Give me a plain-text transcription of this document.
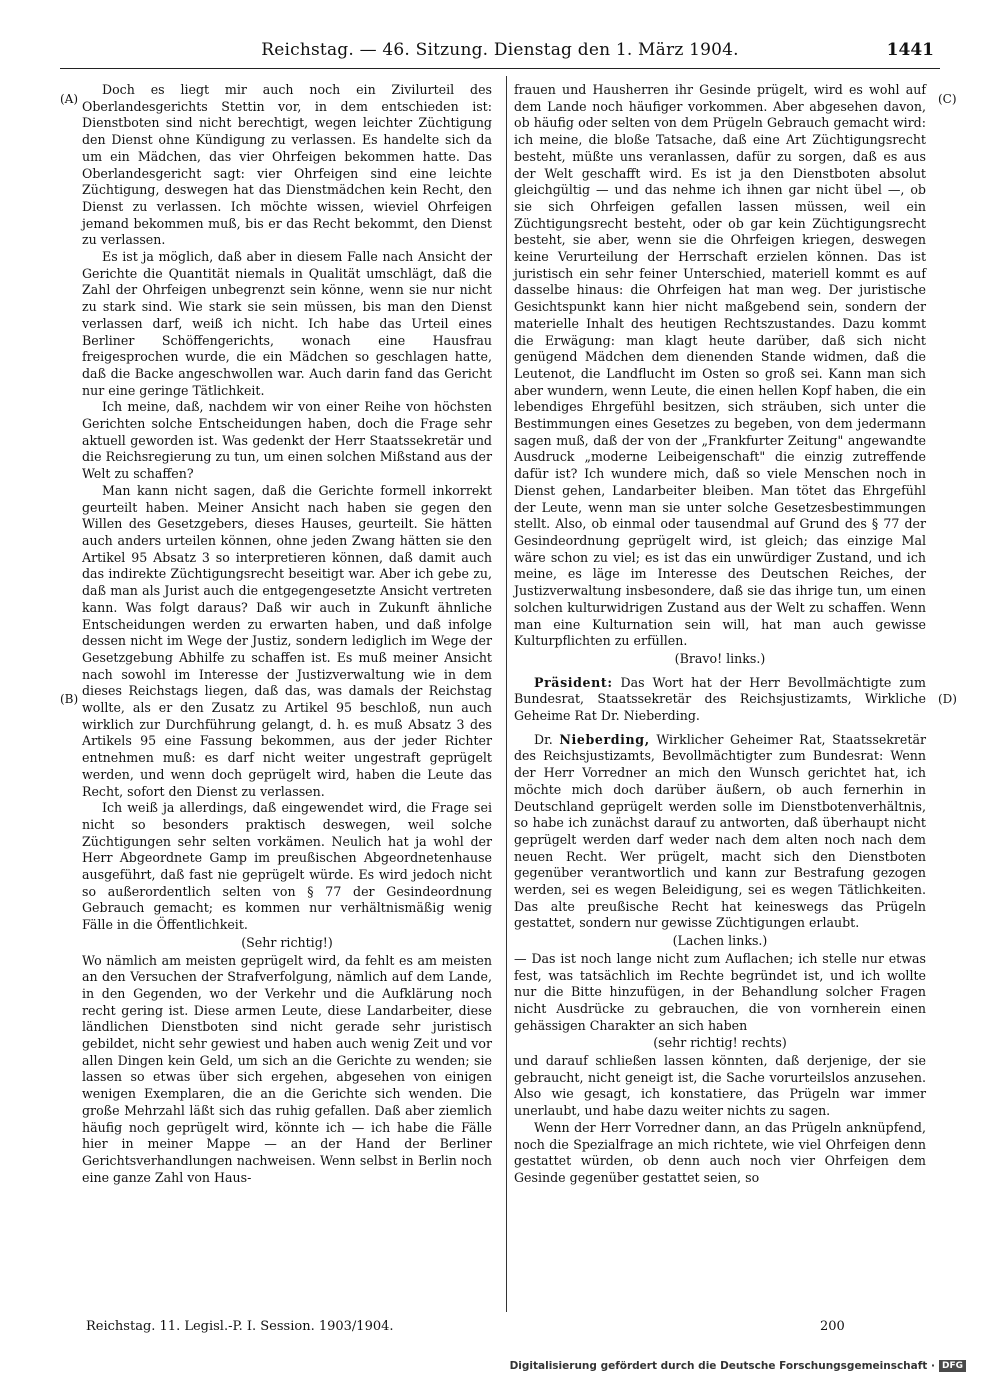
Reichstag. — 46. Sitzung. Dienstag den 1. März 1904.	1441
(A)
(B)
(C)
(D)

Doch es liegt mir auch noch ein Zivilurteil des Oberlandesgerichts Stettin vor, in dem entschieden ist: Dienstboten sind nicht berechtigt, wegen leichter Züchtigung den Dienst ohne Kündigung zu verlassen. Es handelte sich da um ein Mädchen, das vier Ohrfeigen bekommen hatte. Das Oberlandesgericht sagt: vier Ohrfeigen sind eine leichte Züchtigung, deswegen hat das Dienstmädchen kein Recht, den Dienst zu verlassen. Ich möchte wissen, wieviel Ohrfeigen jemand bekommen muß, bis er das Recht bekommt, den Dienst zu verlassen.

Es ist ja möglich, daß aber in diesem Falle nach Ansicht der Gerichte die Quantität niemals in Qualität umschlägt, daß die Zahl der Ohrfeigen unbegrenzt sein könne, wenn sie nur nicht zu stark sind. Wie stark sie sein müssen, bis man den Dienst verlassen darf, weiß ich nicht. Ich habe das Urteil eines Berliner Schöffengerichts, wonach eine Hausfrau freigesprochen wurde, die ein Mädchen so geschlagen hatte, daß die Backe angeschwollen war. Auch darin fand das Gericht nur eine geringe Tätlichkeit.

Ich meine, daß, nachdem wir von einer Reihe von höchsten Gerichten solche Entscheidungen haben, doch die Frage sehr aktuell geworden ist. Was gedenkt der Herr Staatssekretär und die Reichsregierung zu tun, um einen solchen Mißstand aus der Welt zu schaffen?

Man kann nicht sagen, daß die Gerichte formell inkorrekt geurteilt haben. Meiner Ansicht nach haben sie gegen den Willen des Gesetzgebers, dieses Hauses, geurteilt. Sie hätten auch anders urteilen können, ohne jeden Zwang hätten sie den Artikel 95 Absatz 3 so interpretieren können, daß damit auch das indirekte Züchtigungsrecht beseitigt war. Aber ich gebe zu, daß man als Jurist auch die entgegengesetzte Ansicht vertreten kann. Was folgt daraus? Daß wir auch in Zukunft ähnliche Entscheidungen werden zu erwarten haben, und daß infolge dessen nicht im Wege der Justiz, sondern lediglich im Wege der Gesetzgebung Abhilfe zu schaffen ist. Es muß meiner Ansicht nach sowohl im Interesse der Justizverwaltung wie in dem dieses Reichstags liegen, daß das, was damals der Reichstag wollte, als er den Zusatz zu Artikel 95 beschloß, nun auch wirklich zur Durchführung gelangt, d. h. es muß Absatz 3 des Artikels 95 eine Fassung bekommen, aus der jeder Richter entnehmen muß: es darf nicht weiter ungestraft geprügelt werden, und wenn doch geprügelt wird, haben die Leute das Recht, sofort den Dienst zu verlassen.

Ich weiß ja allerdings, daß eingewendet wird, die Frage sei nicht so besonders praktisch deswegen, weil solche Züchtigungen sehr selten vorkämen. Neulich hat ja wohl der Herr Abgeordnete Gamp im preußischen Abgeordnetenhause ausgeführt, daß fast nie geprügelt würde. Es wird jedoch nicht so außerordentlich selten von § 77 der Gesindeordnung Gebrauch gemacht; es kommen nur verhältnismäßig wenig Fälle in die Öffentlichkeit.

(Sehr richtig!)

Wo nämlich am meisten geprügelt wird, da fehlt es am meisten an den Versuchen der Strafverfolgung, nämlich auf dem Lande, in den Gegenden, wo der Verkehr und die Aufklärung noch recht gering ist. Diese armen Leute, diese Landarbeiter, diese ländlichen Dienstboten sind nicht gerade sehr juristisch gebildet, nicht sehr gewiest und haben auch wenig Zeit und vor allen Dingen kein Geld, um sich an die Gerichte zu wenden; sie lassen so etwas über sich ergehen, abgesehen von einigen wenigen Exemplaren, die an die Gerichte sich wenden. Die große Mehrzahl läßt sich das ruhig gefallen. Daß aber ziemlich häufig noch geprügelt wird, könnte ich — ich habe die Fälle hier in meiner Mappe — an der Hand der Berliner Gerichtsverhandlungen nachweisen. Wenn selbst in Berlin noch eine ganze Zahl von Haus-

frauen und Hausherren ihr Gesinde prügelt, wird es wohl auf dem Lande noch häufiger vorkommen. Aber abgesehen davon, ob häufig oder selten von dem Prügeln Gebrauch gemacht wird: ich meine, die bloße Tatsache, daß eine Art Züchtigungsrecht besteht, müßte uns veranlassen, dafür zu sorgen, daß es aus der Welt geschafft wird. Es ist ja den Dienstboten absolut gleichgültig — und das nehme ich ihnen gar nicht übel —, ob sie sich Ohrfeigen gefallen lassen müssen, weil ein Züchtigungsrecht besteht, oder ob gar kein Züchtigungsrecht besteht, sie aber, wenn sie die Ohrfeigen kriegen, deswegen keine Verurteilung der Herrschaft erzielen können. Das ist juristisch ein sehr feiner Unterschied, materiell kommt es auf dasselbe hinaus: die Ohrfeigen hat man weg. Der juristische Gesichtspunkt kann hier nicht maßgebend sein, sondern der materielle Inhalt des heutigen Rechtszustandes. Dazu kommt die Erwägung: man klagt heute darüber, daß sich nicht genügend Mädchen dem dienenden Stande widmen, daß die Leutenot, die Landflucht im Osten so groß sei. Kann man sich aber wundern, wenn Leute, die einen hellen Kopf haben, die ein lebendiges Ehrgefühl besitzen, sich sträuben, sich unter die Bestimmungen eines Gesetzes zu begeben, von dem jedermann sagen muß, daß der von der „Frankfurter Zeitung" angewandte Ausdruck „moderne Leibeigenschaft" die einzig zutreffende dafür ist? Ich wundere mich, daß so viele Menschen noch in Dienst gehen, Landarbeiter bleiben. Man tötet das Ehrgefühl der Leute, wenn man sie unter solche Gesetzesbestimmungen stellt. Also, ob einmal oder tausendmal auf Grund des § 77 der Gesindeordnung geprügelt wird, ist gleich; das einzige Mal wäre schon zu viel; es ist das ein unwürdiger Zustand, und ich meine, es läge im Interesse des Deutschen Reiches, der Justizverwaltung insbesondere, daß sie das ihrige tun, um einen solchen kulturwidrigen Zustand aus der Welt zu schaffen. Wenn man eine Kulturnation sein will, hat man auch gewisse Kulturpflichten zu erfüllen.

(Bravo! links.)

Präsident: Das Wort hat der Herr Bevollmächtigte zum Bundesrat, Staatssekretär des Reichsjustizamts, Wirkliche Geheime Rat Dr. Nieberding.

Dr. Nieberding, Wirklicher Geheimer Rat, Staatssekretär des Reichsjustizamts, Bevollmächtigter zum Bundesrat: Wenn der Herr Vorredner an mich den Wunsch gerichtet hat, ich möchte mich doch darüber äußern, ob auch fernerhin in Deutschland geprügelt werden solle im Dienstbotenverhältnis, so habe ich zunächst darauf zu antworten, daß überhaupt nicht geprügelt werden darf weder nach dem alten noch nach dem neuen Recht. Wer prügelt, macht sich den Dienstboten gegenüber verantwortlich und kann zur Bestrafung gezogen werden, sei es wegen Beleidigung, sei es wegen Tätlichkeiten. Das alte preußische Recht hat keineswegs das Prügeln gestattet, sondern nur gewisse Züchtigungen erlaubt.

(Lachen links.)

— Das ist noch lange nicht zum Auflachen; ich stelle nur etwas fest, was tatsächlich im Rechte begründet ist, und ich wollte nur die Bitte hinzufügen, in der Behandlung solcher Fragen nicht Ausdrücke zu gebrauchen, die von vornherein einen gehässigen Charakter an sich haben

(sehr richtig! rechts)

und darauf schließen lassen könnten, daß derjenige, der sie gebraucht, nicht geneigt ist, die Sache vorurteilslos anzusehen. Also wie gesagt, ich konstatiere, das Prügeln war immer unerlaubt, und habe dazu weiter nichts zu sagen.

Wenn der Herr Vorredner dann, an das Prügeln anknüpfend, noch die Spezialfrage an mich richtete, wie viel Ohrfeigen denn gestattet würden, ob denn auch noch vier Ohrfeigen dem Gesinde gegenüber gestattet seien, so

Reichstag. 11. Legisl.-P. I. Session. 1903/1904.	200
Digitalisierung gefördert durch die Deutsche Forschungsgemeinschaft · DFG
